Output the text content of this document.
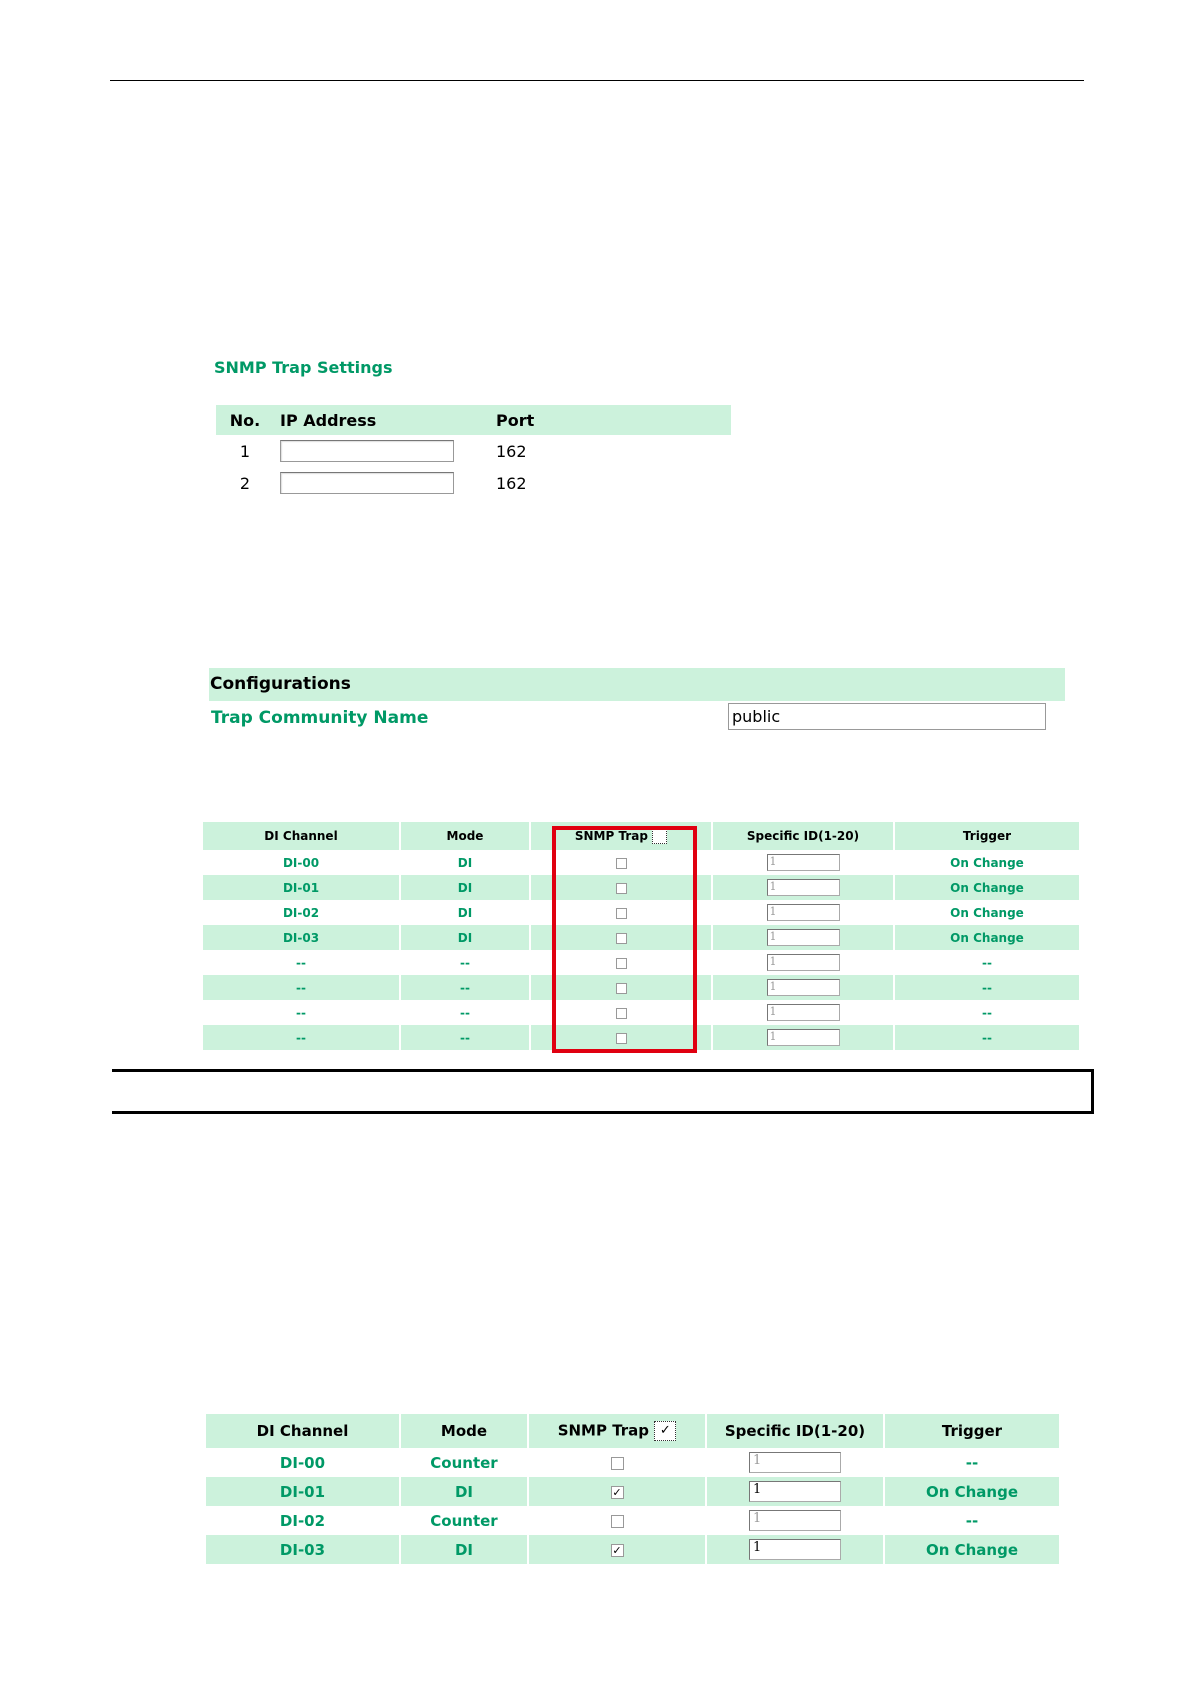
SNMP Trap Settings
No.	IP Address	Port
1		162
2		162
Configurations
Trap Community Name	public
DI Channel	Mode	SNMP Trap	Specific ID(1-20)	Trigger
DI-00	DI		1	On Change
DI-01	DI		1	On Change
DI-02	DI		1	On Change
DI-03	DI		1	On Change
--	--		1	--
--	--		1	--
--	--		1	--
--	--		1	--
DI Channel	Mode	SNMP Trap ✓	Specific ID(1-20)	Trigger
DI-00	Counter		1	--
DI-01	DI	✓	1	On Change
DI-02	Counter		1	--
DI-03	DI	✓	1	On Change
